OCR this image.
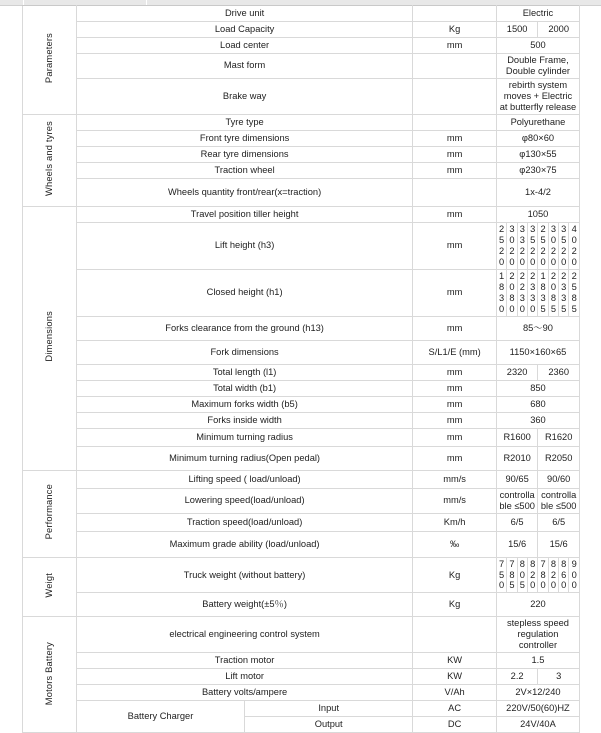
Parameters	Drive unit			Electric							
	Load Capacity		Kg	1500				2000			
	Load center		mm	500							
	Mast form			Double Frame, Double cylinder							
	Brake way			rebirth system moves + Electric at butterfly release							
Wheels and tyres	Tyre type			Polyurethane							
	Front tyre dimensions		mm	φ80×60							
	Rear tyre dimensions		mm	φ130×55							
	Traction wheel		mm	φ230×75							
	Wheels quantity front/rear(x=traction)			1x-4/2							
Dimensions	Travel position tiller height		mm	1050							
	Lift height (h3)		mm	2520	3020	3320	3520	2520	3020	3520	4020
	Closed height (h1)		mm	1830	2080	2230	2330	1835	2085	2335	2585
	Forks clearance from the ground (h13)		mm	85～90							
	Fork dimensions		S/L1/E (mm)	1150×160×65							
	Total length (l1)		mm	2320				2360			
	Total width (b1)		mm	850							
	Maximum forks width (b5)		mm	680							
	Forks inside width		mm	360							
	Minimum turning radius		mm	R1600				R1620			
	Minimum turning radius(Open pedal)		mm	R2010				R2050			
Performance	Lifting speed ( load/unload)		mm/s	90/65				90/60			
	Lowering speed(load/unload)		mm/s	controllable ≤500				controllable ≤500			
	Traction speed(load/unload)		Km/h	6/5				6/5			
	Maximum grade ability (load/unload)		‰	15/6				15/6			
Weigt	Truck weight (without battery)		Kg	750	785	805	820	780	820	860	900
	Battery weight(±5％)		Kg	220							
Motors Battery	electrical engineering control system			stepless speed regulation controller							
	Traction motor		KW	1.5							
	Lift motor		KW	2.2				3			
	Battery volts/ampere		V/Ah	2V×12/240							
	Battery Charger	Input	AC	220V/50(60)HZ							
		Output	DC	24V/40A							
